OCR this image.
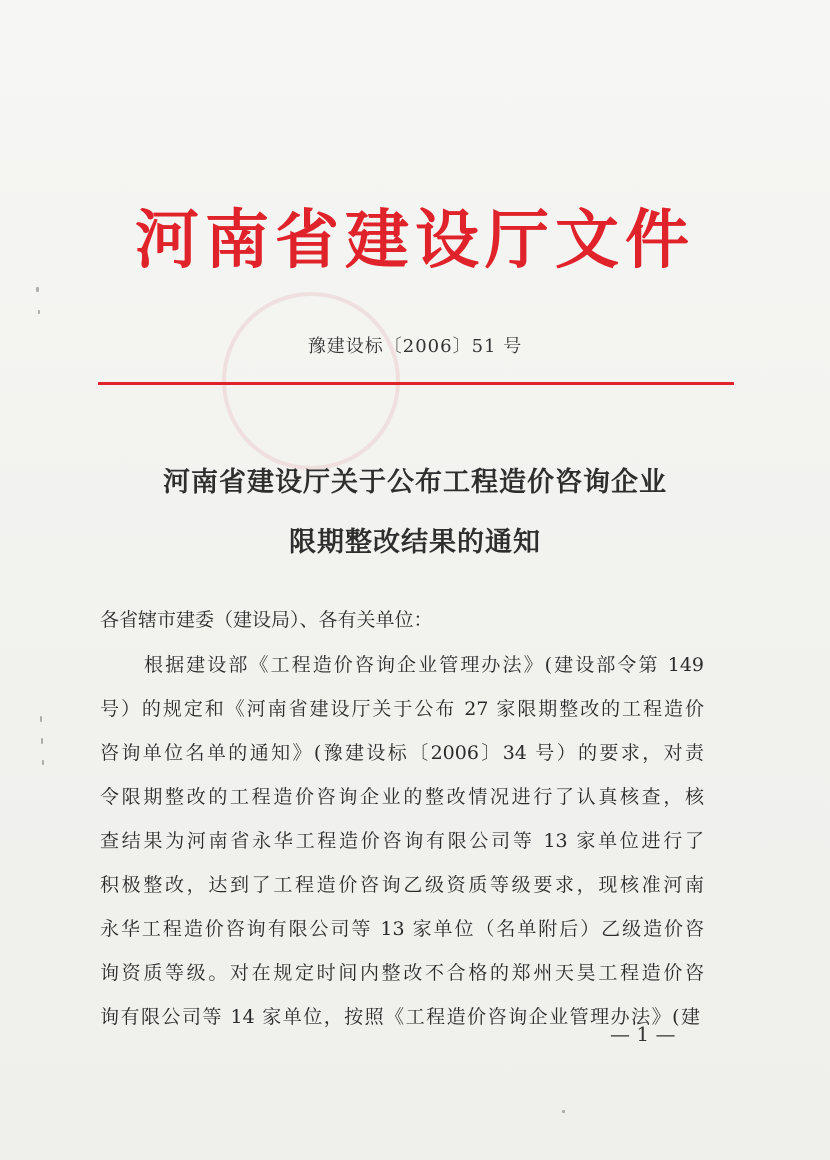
河南省建设厅文件
豫建设标〔2006〕51 号
河南省建设厅关于公布工程造价咨询企业
限期整改结果的通知
各省辖市建委（建设局）、各有关单位：
根据建设部《工程造价咨询企业管理办法》(建设部令第 149
号）的规定和《河南省建设厅关于公布 27 家限期整改的工程造价
咨询单位名单的通知》(豫建设标〔2006〕34 号）的要求，对责
令限期整改的工程造价咨询企业的整改情况进行了认真核查，核
查结果为河南省永华工程造价咨询有限公司等 13 家单位进行了
积极整改，达到了工程造价咨询乙级资质等级要求，现核准河南
永华工程造价咨询有限公司等 13 家单位（名单附后）乙级造价咨
询资质等级。对在规定时间内整改不合格的郑州天昊工程造价咨
询有限公司等 14 家单位，按照《工程造价咨询企业管理办法》(建
— 1 —
